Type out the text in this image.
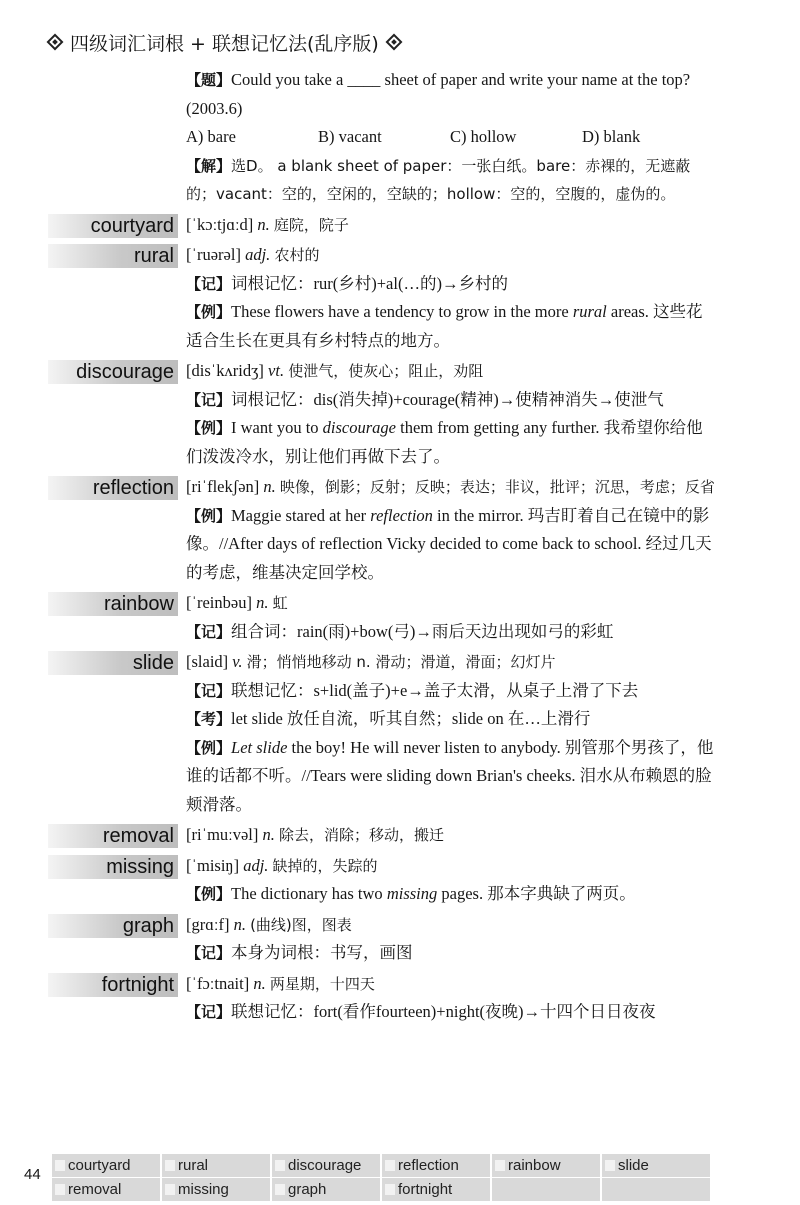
四级词汇词根 + 联想记忆法(乱序版)
【题】Could you take a ____ sheet of paper and write your name at the top? (2003.6)
A) bare	B) vacant	C) hollow	D) blank
【解】选D。 a blank sheet of paper：一张白纸。bare：赤裸的，无遮蔽的；vacant：空的，空闲的，空缺的；hollow：空的，空腹的，虚伪的。
courtyard [ˈkɔːtjɑːd] n. 庭院，院子
rural [ˈruərəl] adj. 农村的
【记】词根记忆：rur(乡村)+al(…的)→乡村的
【例】These flowers have a tendency to grow in the more rural areas. 这些花适合生长在更具有乡村特点的地方。
discourage [disˈkʌridʒ] vt. 使泄气，使灰心；阻止，劝阻
【记】词根记忆：dis(消失掉)+courage(精神)→使精神消失→使泄气
【例】I want you to discourage them from getting any further. 我希望你给他们泼泼冷水，别让他们再做下去了。
reflection [riˈflekʃən] n. 映像，倒影；反射；反映；表达；非议，批评；沉思，考虑；反省
【例】Maggie stared at her reflection in the mirror. 玛吉盯着自己在镜中的影像。//After days of reflection Vicky decided to come back to school. 经过几天的考虑，维基决定回学校。
rainbow [ˈreinbəu] n. 虹
【记】组合词：rain(雨)+bow(弓)→雨后天边出现如弓的彩虹
slide [slaid] v. 滑；悄悄地移动 n. 滑动；滑道，滑面；幻灯片
【记】联想记忆：s+lid(盖子)+e→盖子太滑，从桌子上滑了下去
【考】let slide 放任自流，听其自然；slide on 在…上滑行
【例】Let slide the boy! He will never listen to anybody. 别管那个男孩了，他谁的话都不听。//Tears were sliding down Brian's cheeks. 泪水从布赖恩的脸颊滑落。
removal [riˈmuːvəl] n. 除去，消除；移动，搬迁
missing [ˈmisiŋ] adj. 缺掉的，失踪的
【例】The dictionary has two missing pages. 那本字典缺了两页。
graph [grɑːf] n. (曲线)图，图表
【记】本身为词根：书写，画图
fortnight [ˈfɔːtnait] n. 两星期，十四天
【记】联想记忆：fort(看作fourteen)+night(夜晚)→十四个日日夜夜
44
courtyard	rural	discourage	reflection	rainbow	slide
removal	missing	graph	fortnight
